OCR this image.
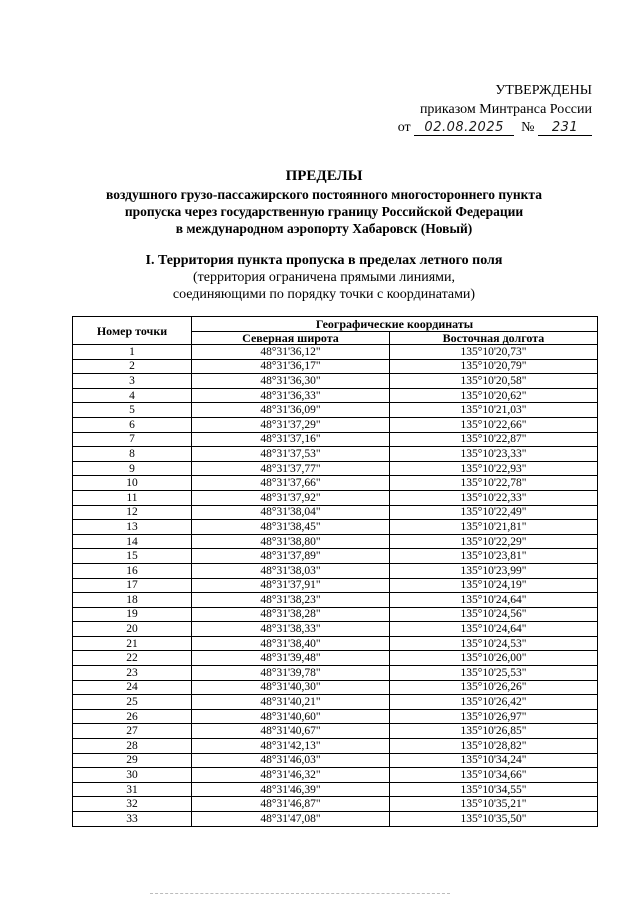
УТВЕРЖДЕНЫ
приказом Минтранса России
от 02.08.2025 № 231
ПРЕДЕЛЫ
воздушного грузо-пассажирского постоянного многостороннего пункта
пропуска через государственную границу Российской Федерации
в международном аэропорту Хабаровск (Новый)
I. Территория пункта пропуска в пределах летного поля
(территория ограничена прямыми линиями,
соединяющими по порядку точки с координатами)
Номер точки	Географические координаты	
	Северная широта	Восточная долгота
1	48°31'36,12"	135°10'20,73"
2	48°31'36,17"	135°10'20,79"
3	48°31'36,30"	135°10'20,58"
4	48°31'36,33"	135°10'20,62"
5	48°31'36,09"	135°10'21,03"
6	48°31'37,29"	135°10'22,66"
7	48°31'37,16"	135°10'22,87"
8	48°31'37,53"	135°10'23,33"
9	48°31'37,77"	135°10'22,93"
10	48°31'37,66"	135°10'22,78"
11	48°31'37,92"	135°10'22,33"
12	48°31'38,04"	135°10'22,49"
13	48°31'38,45"	135°10'21,81"
14	48°31'38,80"	135°10'22,29"
15	48°31'37,89"	135°10'23,81"
16	48°31'38,03"	135°10'23,99"
17	48°31'37,91"	135°10'24,19"
18	48°31'38,23"	135°10'24,64"
19	48°31'38,28"	135°10'24,56"
20	48°31'38,33"	135°10'24,64"
21	48°31'38,40"	135°10'24,53"
22	48°31'39,48"	135°10'26,00"
23	48°31'39,78"	135°10'25,53"
24	48°31'40,30"	135°10'26,26"
25	48°31'40,21"	135°10'26,42"
26	48°31'40,60"	135°10'26,97"
27	48°31'40,67"	135°10'26,85"
28	48°31'42,13"	135°10'28,82"
29	48°31'46,03"	135°10'34,24"
30	48°31'46,32"	135°10'34,66"
31	48°31'46,39"	135°10'34,55"
32	48°31'46,87"	135°10'35,21"
33	48°31'47,08"	135°10'35,50"
